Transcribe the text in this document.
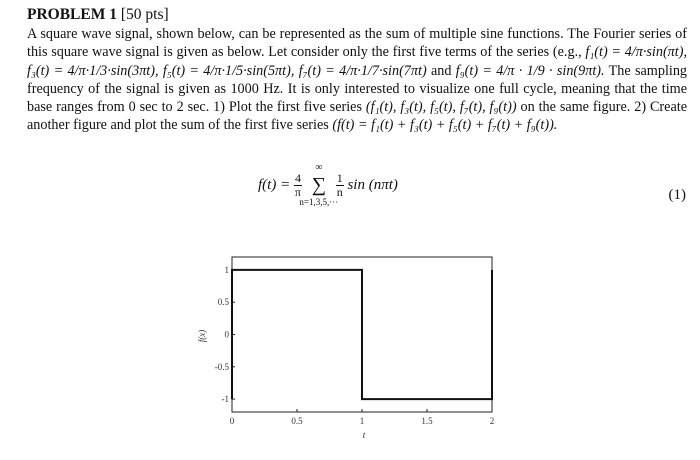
PROBLEM 1 [50 pts]
A square wave signal, shown below, can be represented as the sum of multiple sine functions. The Fourier series of this square wave signal is given as below. Let consider only the first five terms of the series (e.g., f₁(t) = 4/π·sin(πt), f₃(t) = 4/π·1/3·sin(3πt), f₅(t) = 4/π·1/5·sin(5πt), f₇(t) = 4/π·1/7·sin(7πt) and f₉(t) = 4/π · 1/9 · sin(9πt). The sampling frequency of the signal is given as 1000 Hz. It is only interested to visualize one full cycle, meaning that the time base ranges from 0 sec to 2 sec. 1) Plot the first five series (f₁(t), f₃(t), f₅(t), f₇(t), f₉(t)) on the same figure. 2) Create another figure and plot the sum of the first five series (f(t) = f₁(t) + f₃(t) + f₅(t) + f₇(t) + f₉(t)).
$f(t) = \frac{4}{\pi}$

∞
∑
n=1,3,5,···

$\frac{1}{n}$ sin (nπt)
(1)
0	0.5	1	1.5	2
1
0.5
0
-0.5
-1
f(x)
t
